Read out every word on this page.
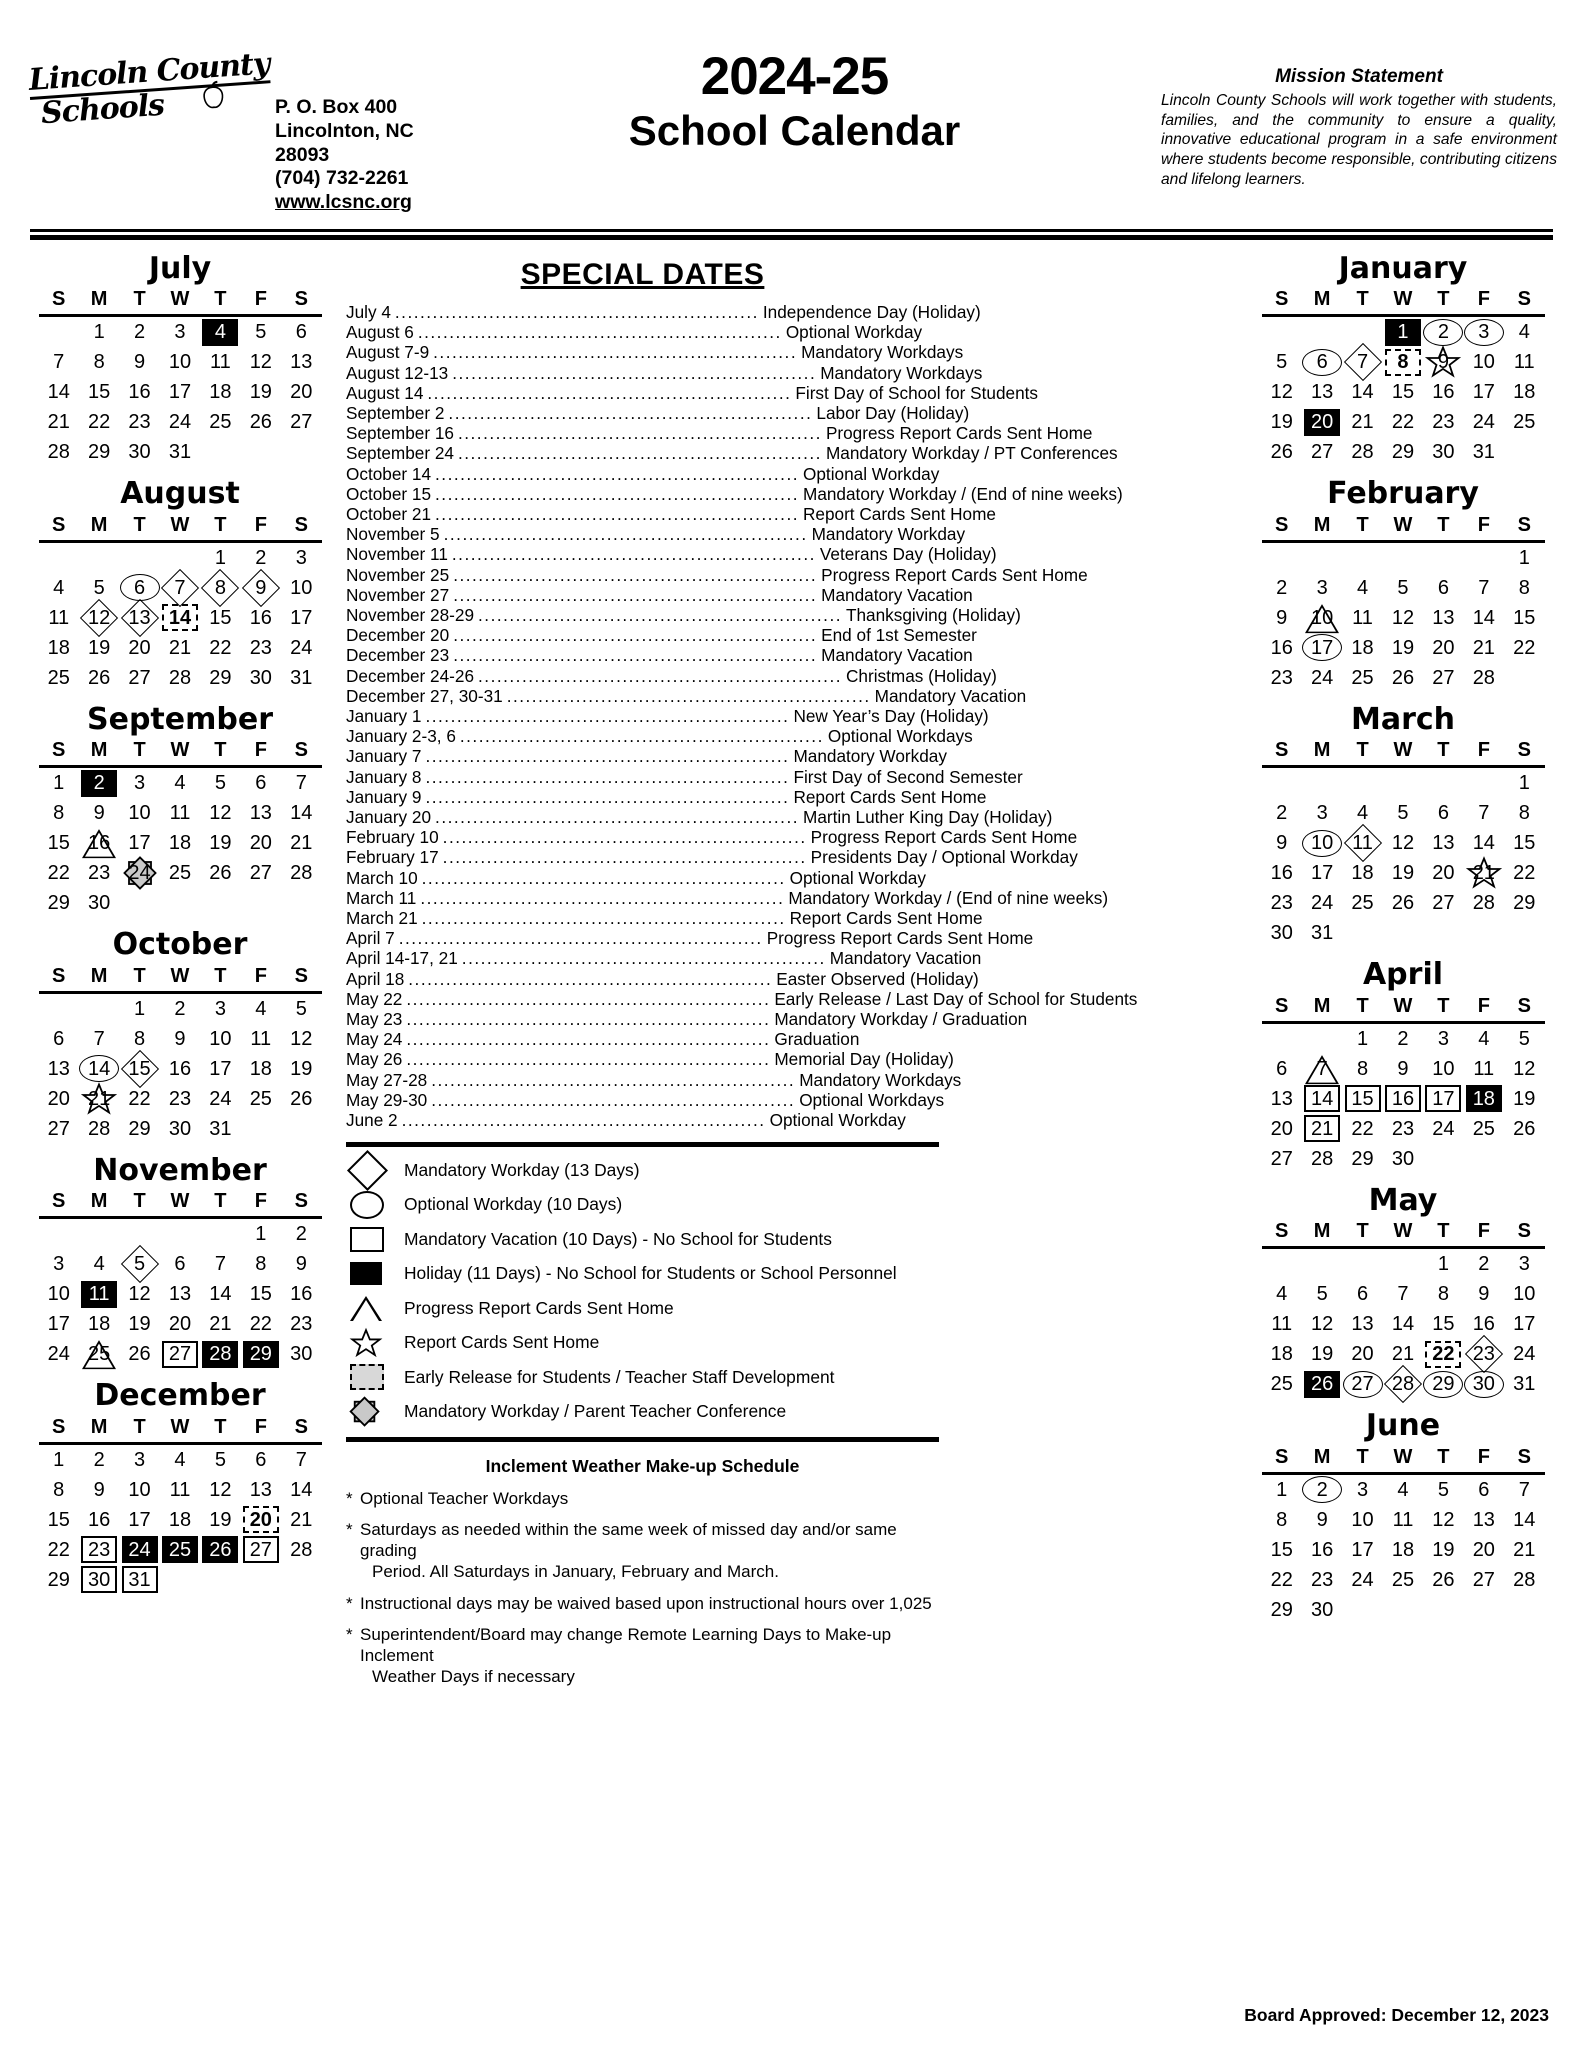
Lincoln County
Schools	P. O. Box 400
Lincolnton, NC 28093
(704) 732-2261
www.lcsnc.org
2024-25
School Calendar
Mission Statement
Lincoln County Schools will work together with students, families, and the community to ensure a quality, innovative educational program in a safe environment where students become responsible, contributing citizens and lifelong learners.
July
S	M	T	W	T	F	S
	1	2	3	4	5	6
7	8	9	10	11	12	13
14	15	16	17	18	19	20
21	22	23	24	25	26	27
28	29	30	31			
August
S	M	T	W	T	F	S
				1	2	3
4	5	6	7	8	9	10
11	12	13	14	15	16	17
18	19	20	21	22	23	24
25	26	27	28	29	30	31
September
S	M	T	W	T	F	S
1	2	3	4	5	6	7
8	9	10	11	12	13	14
15	16	17	18	19	20	21
22	23	24	25	26	27	28
29	30					
October
S	M	T	W	T	F	S
		1	2	3	4	5
6	7	8	9	10	11	12
13	14	15	16	17	18	19
20	21	22	23	24	25	26
27	28	29	30	31		
November
S	M	T	W	T	F	S
					1	2
3	4	5	6	7	8	9
10	11	12	13	14	15	16
17	18	19	20	21	22	23
24	25	26	27	28	29	30
December
S	M	T	W	T	F	S
1	2	3	4	5	6	7
8	9	10	11	12	13	14
15	16	17	18	19	20	21
22	23	24	25	26	27	28
29	30	31				
SPECIAL DATES
July 4 .......................................................... Independence Day (Holiday)
August 6 .......................................................... Optional Workday
August 7-9 .......................................................... Mandatory Workdays
August 12-13 .......................................................... Mandatory Workdays
August 14 .......................................................... First Day of School for Students
September 2 .......................................................... Labor Day (Holiday)
September 16 .......................................................... Progress Report Cards Sent Home
September 24 .......................................................... Mandatory Workday / PT Conferences
October 14 .......................................................... Optional Workday
October 15 .......................................................... Mandatory Workday / (End of nine weeks)
October 21 .......................................................... Report Cards Sent Home
November 5 .......................................................... Mandatory Workday
November 11 .......................................................... Veterans Day (Holiday)
November 25 .......................................................... Progress Report Cards Sent Home
November 27 .......................................................... Mandatory Vacation
November 28-29 .......................................................... Thanksgiving (Holiday)
December 20 .......................................................... End of 1st Semester
December 23 .......................................................... Mandatory Vacation
December 24-26 .......................................................... Christmas (Holiday)
December 27, 30-31 .......................................................... Mandatory Vacation
January 1 .......................................................... New Year’s Day (Holiday)
January 2-3, 6 .......................................................... Optional Workdays
January 7 .......................................................... Mandatory Workday
January 8 .......................................................... First Day of Second Semester
January 9 .......................................................... Report Cards Sent Home
January 20 .......................................................... Martin Luther King Day (Holiday)
February 10 .......................................................... Progress Report Cards Sent Home
February 17 .......................................................... Presidents Day / Optional Workday
March 10 .......................................................... Optional Workday
March 11 .......................................................... Mandatory Workday / (End of nine weeks)
March 21 .......................................................... Report Cards Sent Home
April 7 .......................................................... Progress Report Cards Sent Home
April 14-17, 21 .......................................................... Mandatory Vacation
April 18 .......................................................... Easter Observed (Holiday)
May 22 .......................................................... Early Release / Last Day of School for Students
May 23 .......................................................... Mandatory Workday / Graduation
May 24 .......................................................... Graduation
May 26 .......................................................... Memorial Day (Holiday)
May 27-28 .......................................................... Mandatory Workdays
May 29-30 .......................................................... Optional Workdays
June 2 .......................................................... Optional Workday
Mandatory Workday (13 Days)
Optional Workday (10 Days)
Mandatory Vacation (10 Days) - No School for Students
Holiday (11 Days) - No School for Students or School Personnel
Progress Report Cards Sent Home
Report Cards Sent Home
Early Release for Students / Teacher Staff Development
Mandatory Workday / Parent Teacher Conference
Inclement Weather Make-up Schedule
* Optional Teacher Workdays
* Saturdays as needed within the same week of missed day and/or same grading
Period. All Saturdays in January, February and March.
* Instructional days may be waived based upon instructional hours over 1,025
* Superintendent/Board may change Remote Learning Days to Make-up Inclement
Weather Days if necessary
January
S	M	T	W	T	F	S
			1	2	3	4
5	6	7	8	9	10	11
12	13	14	15	16	17	18
19	20	21	22	23	24	25
26	27	28	29	30	31	
February
S	M	T	W	T	F	S
						1
2	3	4	5	6	7	8
9	10	11	12	13	14	15
16	17	18	19	20	21	22
23	24	25	26	27	28	
March
S	M	T	W	T	F	S
						1
2	3	4	5	6	7	8
9	10	11	12	13	14	15
16	17	18	19	20	21	22
23	24	25	26	27	28	29
30	31					
April
S	M	T	W	T	F	S
		1	2	3	4	5
6	7	8	9	10	11	12
13	14	15	16	17	18	19
20	21	22	23	24	25	26
27	28	29	30			
May
S	M	T	W	T	F	S
				1	2	3
4	5	6	7	8	9	10
11	12	13	14	15	16	17
18	19	20	21	22	23	24
25	26	27	28	29	30	31
June
S	M	T	W	T	F	S
1	2	3	4	5	6	7
8	9	10	11	12	13	14
15	16	17	18	19	20	21
22	23	24	25	26	27	28
29	30					
Board Approved: December 12, 2023
